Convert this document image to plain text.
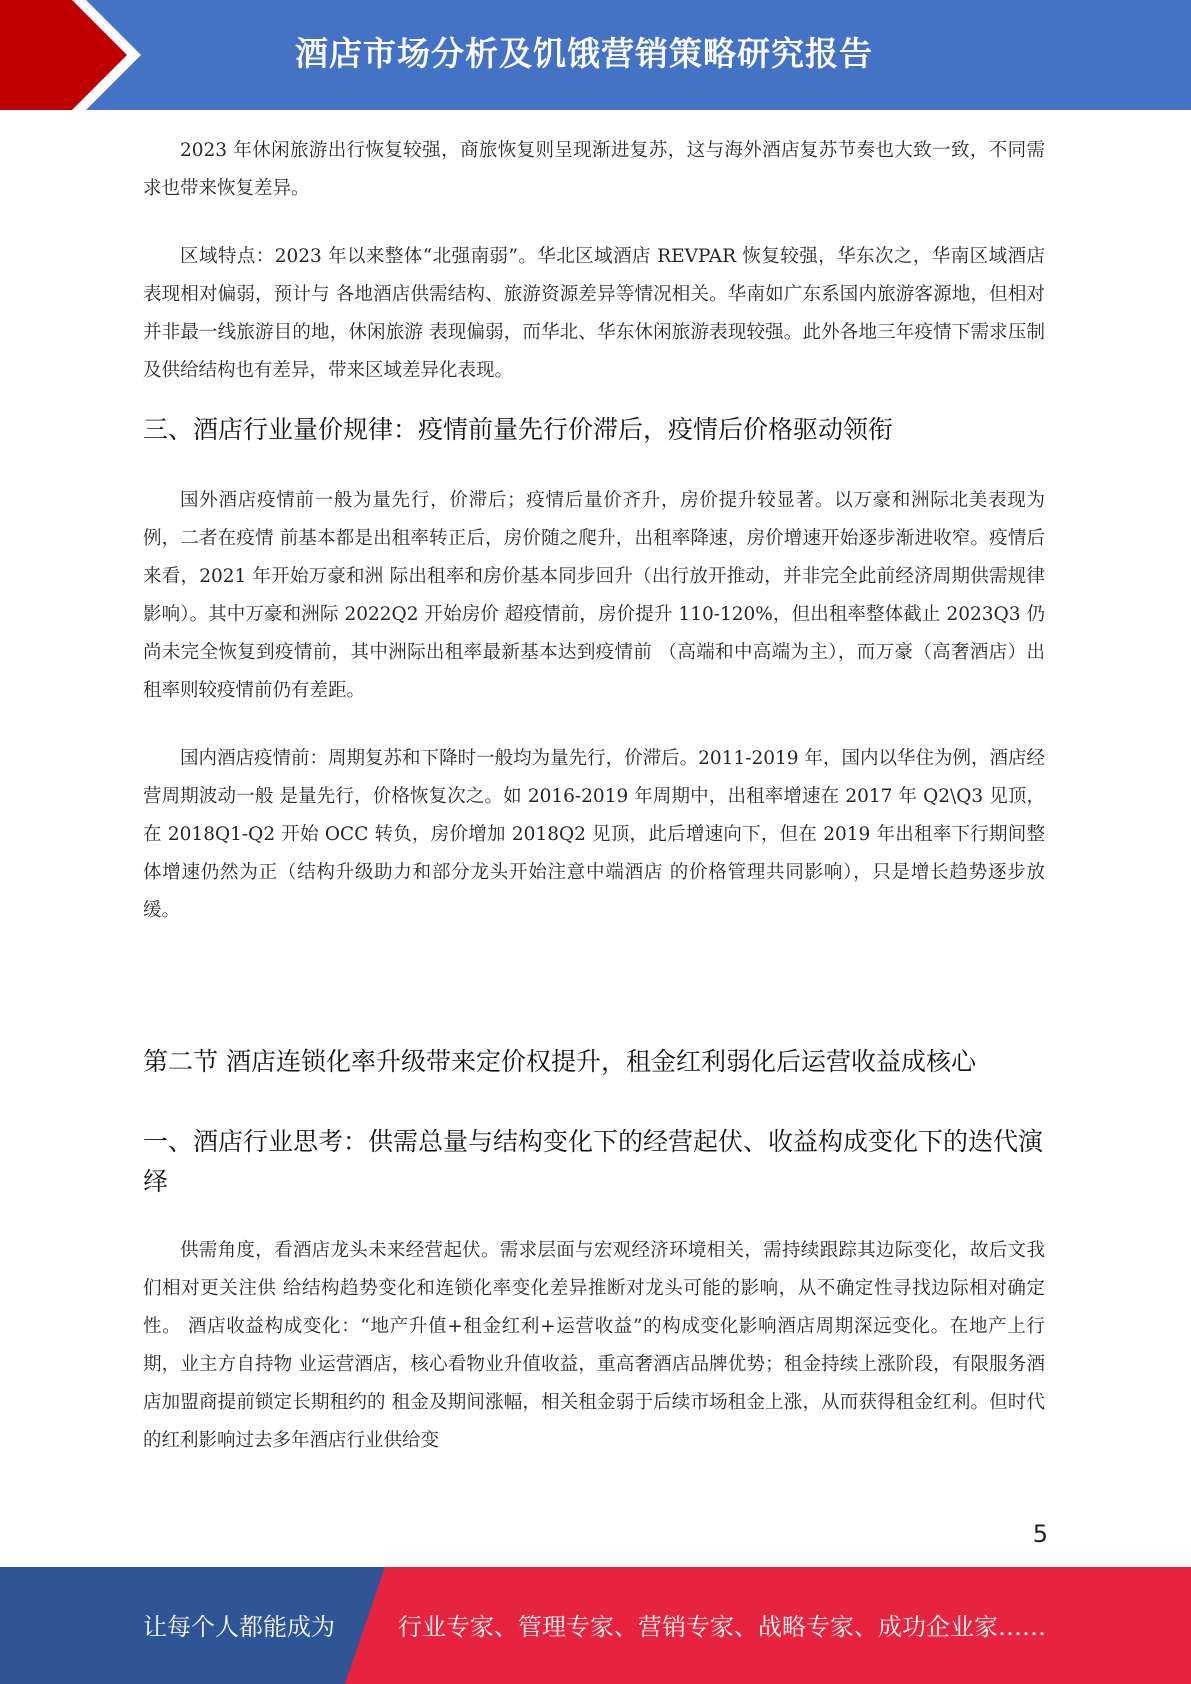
酒店市场分析及饥饿营销策略研究报告

2023 年休闲旅游出行恢复较强，商旅恢复则呈现渐进复苏，这与海外酒店复苏节奏也大致一致，不同需求也带来恢复差异。

区域特点：2023 年以来整体“北强南弱”。华北区域酒店 REVPAR 恢复较强，华东次之，华南区域酒店表现相对偏弱，预计与 各地酒店供需结构、旅游资源差异等情况相关。华南如广东系国内旅游客源地，但相对并非最一线旅游目的地，休闲旅游 表现偏弱，而华北、华东休闲旅游表现较强。此外各地三年疫情下需求压制及供给结构也有差异，带来区域差异化表现。

三、酒店行业量价规律：疫情前量先行价滞后，疫情后价格驱动领衔

国外酒店疫情前一般为量先行，价滞后；疫情后量价齐升，房价提升较显著。以万豪和洲际北美表现为例，二者在疫情 前基本都是出租率转正后，房价随之爬升，出租率降速，房价增速开始逐步渐进收窄。疫情后来看，2021 年开始万豪和洲 际出租率和房价基本同步回升（出行放开推动，并非完全此前经济周期供需规律影响）。其中万豪和洲际 2022Q2 开始房价 超疫情前，房价提升 110-120%，但出租率整体截止 2023Q3 仍尚未完全恢复到疫情前，其中洲际出租率最新基本达到疫情前 （高端和中高端为主），而万豪（高奢酒店）出租率则较疫情前仍有差距。

国内酒店疫情前：周期复苏和下降时一般均为量先行，价滞后。2011-2019 年，国内以华住为例，酒店经营周期波动一般 是量先行，价格恢复次之。如 2016-2019 年周期中，出租率增速在 2017 年 Q2\Q3 见顶，在 2018Q1-Q2 开始 OCC 转负，房价增加 2018Q2 见顶，此后增速向下，但在 2019 年出租率下行期间整体增速仍然为正（结构升级助力和部分龙头开始注意中端酒店 的价格管理共同影响），只是增长趋势逐步放缓。

第二节 酒店连锁化率升级带来定价权提升，租金红利弱化后运营收益成核心
一、酒店行业思考：供需总量与结构变化下的经营起伏、收益构成变化下的迭代演绎

供需角度，看酒店龙头未来经营起伏。需求层面与宏观经济环境相关，需持续跟踪其边际变化，故后文我们相对更关注供 给结构趋势变化和连锁化率变化差异推断对龙头可能的影响，从不确定性寻找边际相对确定性。 酒店收益构成变化：“地产升值+租金红利+运营收益”的构成变化影响酒店周期深远变化。在地产上行期，业主方自持物 业运营酒店，核心看物业升值收益，重高奢酒店品牌优势；租金持续上涨阶段，有限服务酒店加盟商提前锁定长期租约的 租金及期间涨幅，相关租金弱于后续市场租金上涨，从而获得租金红利。但时代的红利影响过去多年酒店行业供给变

5
让每个人都能成为	行业专家、管理专家、营销专家、战略专家、成功企业家……
